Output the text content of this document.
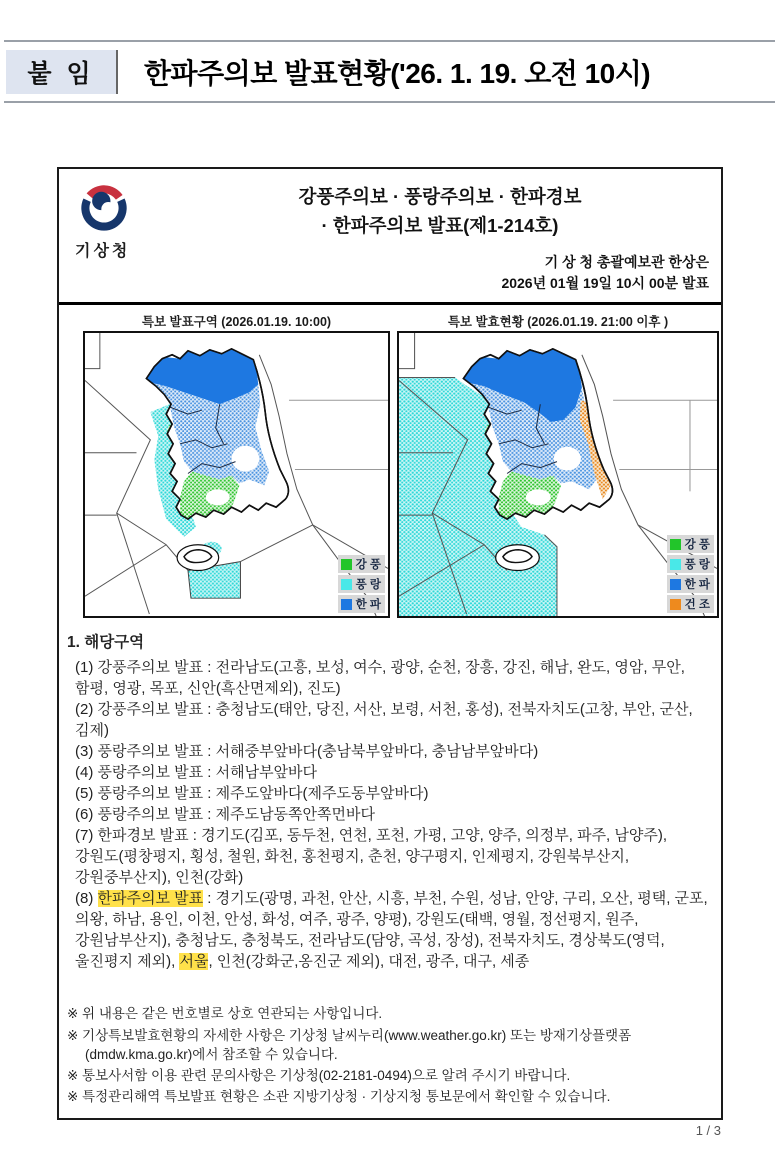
붙 임	한파주의보 발표현황('26. 1. 19. 오전 10시)
기상청
강풍주의보 · 풍랑주의보 · 한파경보
· 한파주의보 발표(제1-214호)
기 상 청 총괄예보관 한상은
2026년 01월 19일 10시 00분 발표
특보 발표구역 (2026.01.19. 10:00)
강 풍
풍 랑
한 파
특보 발효현황 (2026.01.19. 21:00 이후 )
강 풍
풍 랑
한 파
건 조
1. 해당구역
(1) 강풍주의보 발표 : 전라남도(고흥, 보성, 여수, 광양, 순천, 장흥, 강진, 해남, 완도, 영암, 무안, 함평, 영광, 목포, 신안(흑산면제외), 진도)
(2) 강풍주의보 발표 : 충청남도(태안, 당진, 서산, 보령, 서천, 홍성), 전북자치도(고창, 부안, 군산, 김제)
(3) 풍랑주의보 발표 : 서해중부앞바다(충남북부앞바다, 충남남부앞바다)
(4) 풍랑주의보 발표 : 서해남부앞바다
(5) 풍랑주의보 발표 : 제주도앞바다(제주도동부앞바다)
(6) 풍랑주의보 발표 : 제주도남동쪽안쪽먼바다
(7) 한파경보 발표 : 경기도(김포, 동두천, 연천, 포천, 가평, 고양, 양주, 의정부, 파주, 남양주), 강원도(평창평지, 횡성, 철원, 화천, 홍천평지, 춘천, 양구평지, 인제평지, 강원북부산지, 강원중부산지), 인천(강화)
(8) 한파주의보 발표 : 경기도(광명, 과천, 안산, 시흥, 부천, 수원, 성남, 안양, 구리, 오산, 평택, 군포, 의왕, 하남, 용인, 이천, 안성, 화성, 여주, 광주, 양평), 강원도(태백, 영월, 정선평지, 원주, 강원남부산지), 충청남도, 충청북도, 전라남도(담양, 곡성, 장성), 전북자치도, 경상북도(영덕, 울진평지 제외), 서울, 인천(강화군,옹진군 제외), 대전, 광주, 대구, 세종
※ 위 내용은 같은 번호별로 상호 연관되는 사항입니다.
※ 기상특보발효현황의 자세한 사항은 기상청 날씨누리(www.weather.go.kr) 또는 방재기상플랫폼(dmdw.kma.go.kr)에서 참조할 수 있습니다.
※ 통보사서함 이용 관련 문의사항은 기상청(02-2181-0494)으로 알려 주시기 바랍니다.
※ 특정관리해역 특보발표 현황은 소관 지방기상청 · 기상지청 통보문에서 확인할 수 있습니다.
1 / 3
